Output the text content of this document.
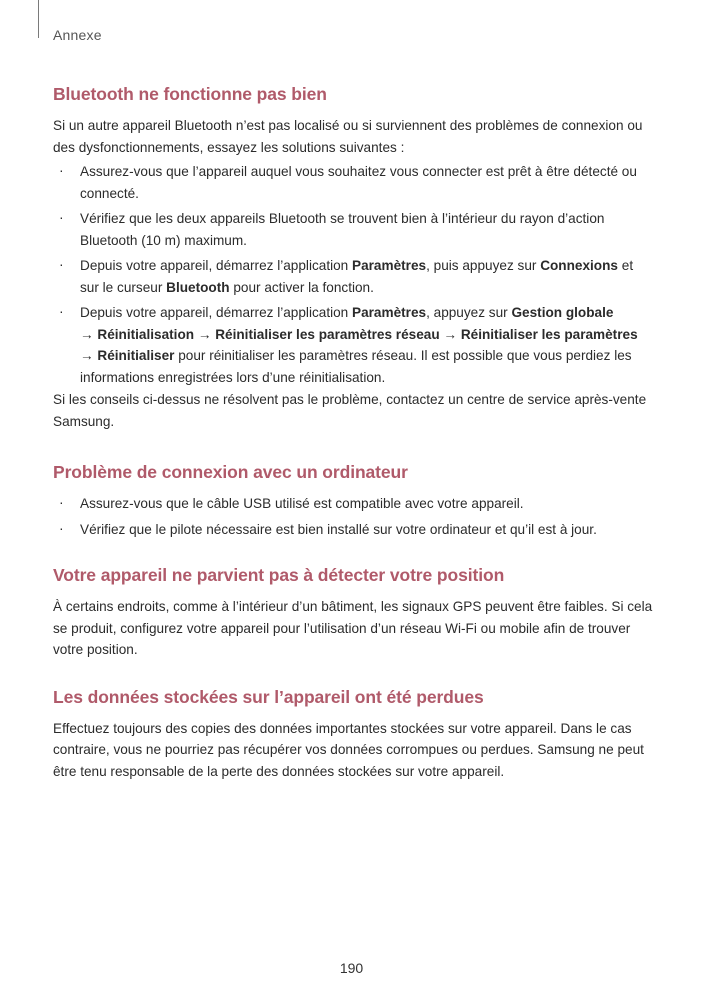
Annexe
Bluetooth ne fonctionne pas bien

Si un autre appareil Bluetooth n’est pas localisé ou si surviennent des problèmes de connexion ou des dysfonctionnements, essayez les solutions suivantes :

· Assurez-vous que l’appareil auquel vous souhaitez vous connecter est prêt à être détecté ou connecté.
· Vérifiez que les deux appareils Bluetooth se trouvent bien à l’intérieur du rayon d’action Bluetooth (10 m) maximum.
· Depuis votre appareil, démarrez l’application Paramètres, puis appuyez sur Connexions et sur le curseur Bluetooth pour activer la fonction.
· Depuis votre appareil, démarrez l’application Paramètres, appuyez sur Gestion globale
→ Réinitialisation → Réinitialiser les paramètres réseau → Réinitialiser les paramètres
→ Réinitialiser pour réinitialiser les paramètres réseau. Il est possible que vous perdiez les informations enregistrées lors d’une réinitialisation.

Si les conseils ci-dessus ne résolvent pas le problème, contactez un centre de service après-vente Samsung.

Problème de connexion avec un ordinateur
· Assurez-vous que le câble USB utilisé est compatible avec votre appareil.
· Vérifiez que le pilote nécessaire est bien installé sur votre ordinateur et qu’il est à jour.
Votre appareil ne parvient pas à détecter votre position

À certains endroits, comme à l’intérieur d’un bâtiment, les signaux GPS peuvent être faibles. Si cela se produit, configurez votre appareil pour l’utilisation d’un réseau Wi-Fi ou mobile afin de trouver votre position.

Les données stockées sur l’appareil ont été perdues

Effectuez toujours des copies des données importantes stockées sur votre appareil. Dans le cas contraire, vous ne pourriez pas récupérer vos données corrompues ou perdues. Samsung ne peut être tenu responsable de la perte des données stockées sur votre appareil.

190
